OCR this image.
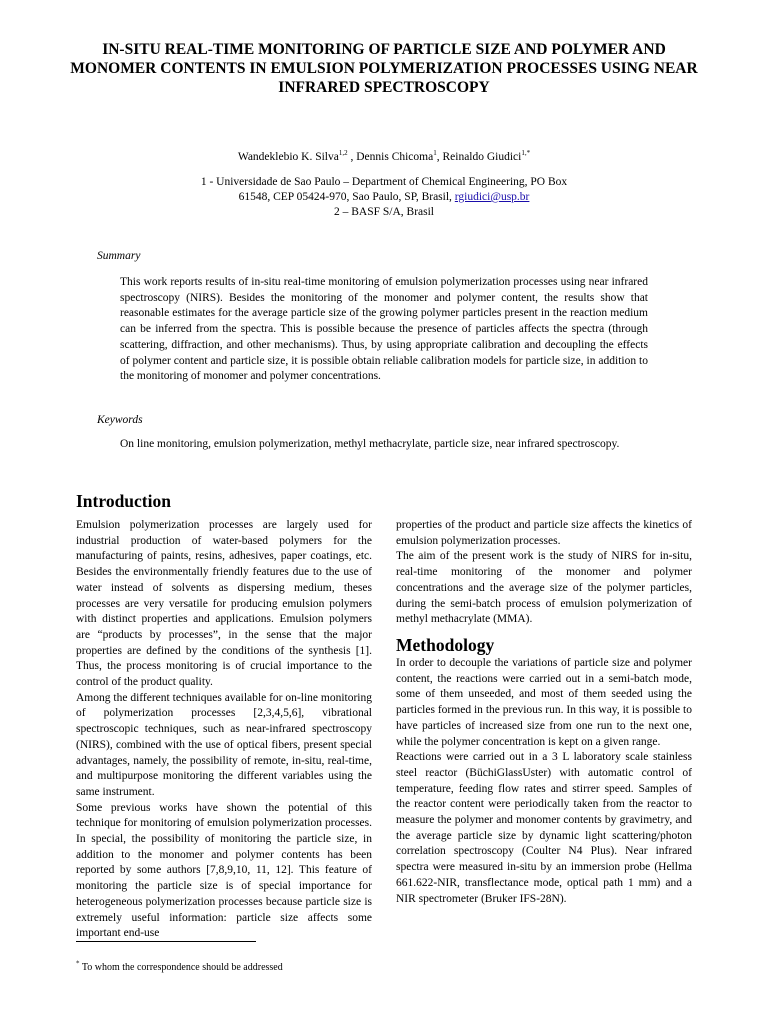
IN-SITU REAL-TIME MONITORING OF PARTICLE SIZE AND POLYMER AND MONOMER CONTENTS IN EMULSION POLYMERIZATION PROCESSES USING NEAR INFRARED SPECTROSCOPY
Wandeklebio K. Silva$^{1,2}$ , Dennis Chicoma$^1$, Reinaldo Giudici$^{1,*}$
1 - Universidade de Sao Paulo – Department of Chemical Engineering, PO Box
61548, CEP 05424-970, Sao Paulo, SP, Brasil, rgiudici@usp.br
2 – BASF S/A, Brasil
Summary
This work reports results of in-situ real-time monitoring of emulsion polymerization processes using near infrared spectroscopy (NIRS). Besides the monitoring of the monomer and polymer content, the results show that reasonable estimates for the average particle size of the growing polymer particles present in the reaction medium can be inferred from the spectra. This is possible because the presence of particles affects the spectra (through scattering, diffraction, and other mechanisms). Thus, by using appropriate calibration and decoupling the effects of polymer content and particle size, it is possible obtain reliable calibration models for particle size, in addition to the monitoring of monomer and polymer concentrations.
Keywords
On line monitoring, emulsion polymerization, methyl methacrylate, particle size, near infrared spectroscopy.
Introduction

Emulsion polymerization processes are largely used for industrial production of water-based polymers for the manufacturing of paints, resins, adhesives, paper coatings, etc. Besides the environmentally friendly features due to the use of water instead of solvents as dispersing medium, theses processes are very versatile for producing emulsion polymers with distinct properties and applications. Emulsion polymers are “products by processes”, in the sense that the major properties are defined by the conditions of the synthesis [1]. Thus, the process monitoring is of crucial importance to the control of the product quality.

Among the different techniques available for on-line monitoring of polymerization processes [2,3,4,5,6], vibrational spectroscopic techniques, such as near-infrared spectroscopy (NIRS), combined with the use of optical fibers, present special advantages, namely, the possibility of remote, in-situ, real-time, and multipurpose monitoring the different variables using the same instrument.

Some previous works have shown the potential of this technique for monitoring of emulsion polymerization processes. In special, the possibility of monitoring the particle size, in addition to the monomer and polymer contents has been reported by some authors [7,8,9,10, 11, 12]. This feature of monitoring the particle size is of special importance for heterogeneous polymerization processes because particle size is extremely useful information: particle size affects some important end-use

properties of the product and particle size affects the kinetics of emulsion polymerization processes.

The aim of the present work is the study of NIRS for in-situ, real-time monitoring of the monomer and polymer concentrations and the average size of the polymer particles, during the semi-batch process of emulsion polymerization of methyl methacrylate (MMA).

Methodology

In order to decouple the variations of particle size and polymer content, the reactions were carried out in a semi-batch mode, some of them unseeded, and most of them seeded using the particles formed in the previous run. In this way, it is possible to have particles of increased size from one run to the next one, while the polymer concentration is kept on a given range.

Reactions were carried out in a 3 L laboratory scale stainless steel reactor (BüchiGlassUster) with automatic control of temperature, feeding flow rates and stirrer speed. Samples of the reactor content were periodically taken from the reactor to measure the polymer and monomer contents by gravimetry, and the average particle size by dynamic light scattering/photon correlation spectroscopy (Coulter N4 Plus). Near infrared spectra were measured in-situ by an immersion probe (Hellma 661.622-NIR, transflectance mode, optical path 1 mm) and a NIR spectrometer (Bruker IFS-28N).

* To whom the correspondence should be addressed
